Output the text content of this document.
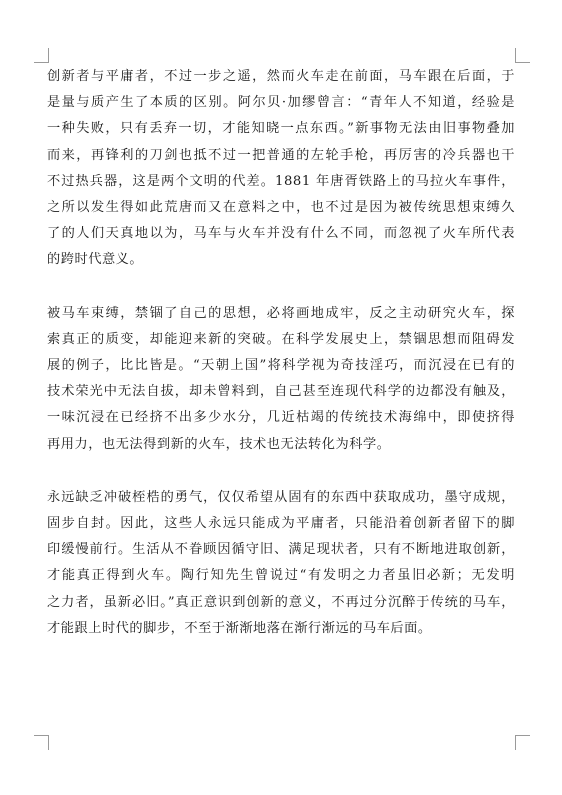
创新者与平庸者，不过一步之遥，然而火车走在前面，马车跟在后面，于
是量与质产生了本质的区别。阿尔贝·加缪曾言：“青年人不知道，经验是
一种失败，只有丢弃一切，才能知晓一点东西。”新事物无法由旧事物叠加
而来，再锋利的刀剑也抵不过一把普通的左轮手枪，再厉害的冷兵器也干
不过热兵器，这是两个文明的代差。1881 年唐胥铁路上的马拉火车事件，
之所以发生得如此荒唐而又在意料之中，也不过是因为被传统思想束缚久
了的人们天真地以为，马车与火车并没有什么不同，而忽视了火车所代表
的跨时代意义。

被马车束缚，禁锢了自己的思想，必将画地成牢，反之主动研究火车，探
索真正的质变，却能迎来新的突破。在科学发展史上，禁锢思想而阻碍发
展的例子，比比皆是。“天朝上国”将科学视为奇技淫巧，而沉浸在已有的
技术荣光中无法自拔，却未曾料到，自己甚至连现代科学的边都没有触及，
一味沉浸在已经挤不出多少水分，几近枯竭的传统技术海绵中，即使挤得
再用力，也无法得到新的火车，技术也无法转化为科学。

永远缺乏冲破桎梏的勇气，仅仅希望从固有的东西中获取成功，墨守成规，
固步自封。因此，这些人永远只能成为平庸者，只能沿着创新者留下的脚
印缓慢前行。生活从不眷顾因循守旧、满足现状者，只有不断地进取创新，
才能真正得到火车。陶行知先生曾说过“有发明之力者虽旧必新；无发明
之力者，虽新必旧。”真正意识到创新的意义，不再过分沉醉于传统的马车，
才能跟上时代的脚步，不至于渐渐地落在渐行渐远的马车后面。
